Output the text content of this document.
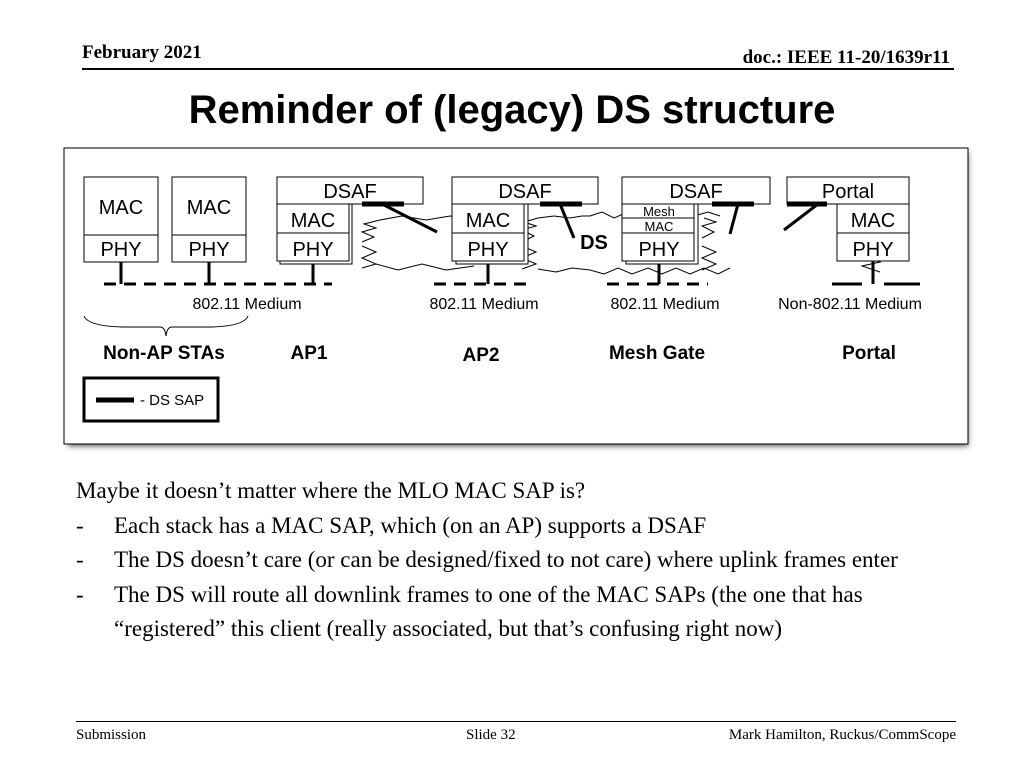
February 2021	doc.: IEEE 11-20/1639r11
Reminder of (legacy) DS structure
MAC
PHY
MAC
PHY
DSAF
MAC
PHY
DSAF
MAC
PHY
DSAF
Mesh
MAC
PHY
Portal
MAC
PHY
DS
802.11 Medium	802.11 Medium	802.11 Medium	Non-802.11 Medium
Non-AP STAs	AP1	AP2	Mesh Gate	Portal
- DS SAP

Maybe it doesn’t matter where the MLO MAC SAP is?

- Each stack has a MAC SAP, which (on an AP) supports a DSAF
- The DS doesn’t care (or can be designed/fixed to not care) where uplink frames enter
- The DS will route all downlink frames to one of the MAC SAPs (the one that has “registered” this client (really associated, but that’s confusing right now)
Submission	Slide 32	Mark Hamilton, Ruckus/CommScope
